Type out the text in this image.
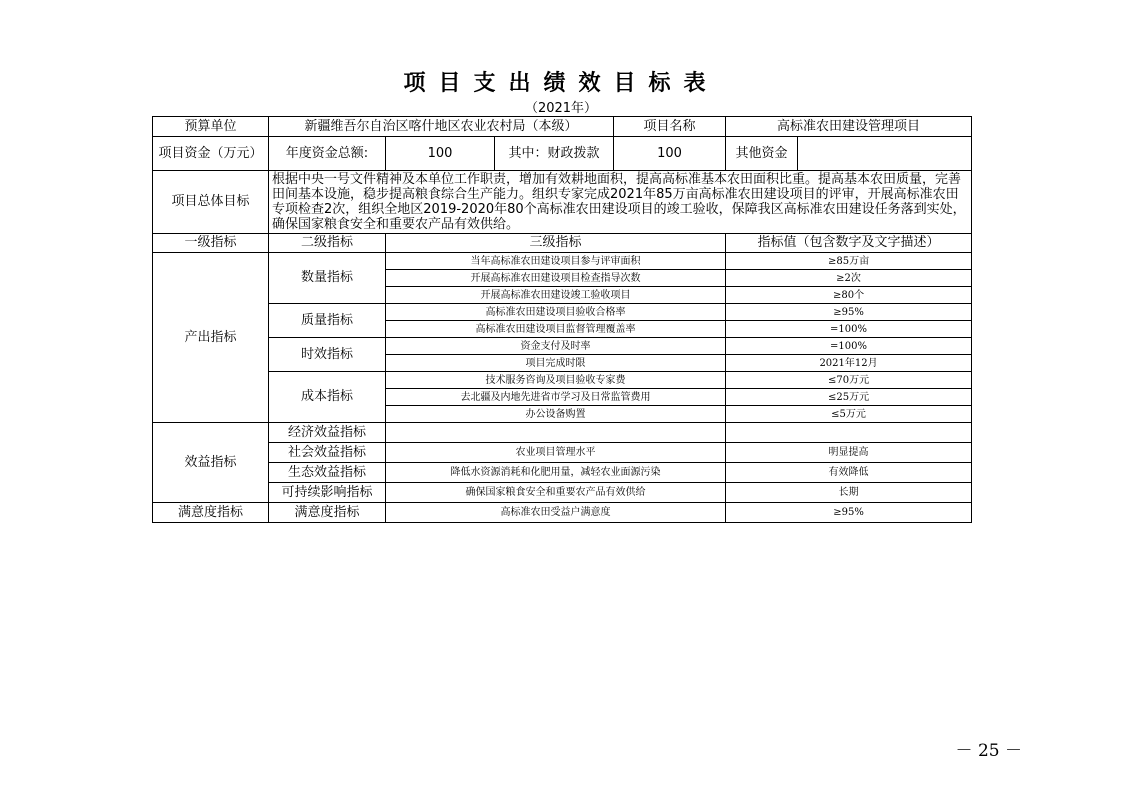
项目支出绩效目标表
（2021年）
预算单位	新疆维吾尔自治区喀什地区农业农村局（本级）			项目名称	高标准农田建设管理项目	
项目资金（万元）	年度资金总额:	100	其中：财政拨款	100	其他资金	
项目总体目标	根据中央一号文件精神及本单位工作职责，增加有效耕地面积，提高高标准基本农田面积比重。提高基本农田质量，完善田间基本设施，稳步提高粮食综合生产能力。组织专家完成2021年85万亩高标准农田建设项目的评审，开展高标准农田专项检查2次，组织全地区2019-2020年80个高标准农田建设项目的竣工验收，保障我区高标准农田建设任务落到实处，确保国家粮食安全和重要农产品有效供给。					
一级指标	二级指标	三级指标			指标值（包含数字及文字描述）	
产出指标	数量指标	当年高标准农田建设项目参与评审面积			≥85万亩	
		开展高标准农田建设项目检查指导次数			≥2次	
		开展高标准农田建设竣工验收项目			≥80个	
	质量指标	高标准农田建设项目验收合格率			≥95%	
		高标准农田建设项目监督管理覆盖率			=100%	
	时效指标	资金支付及时率			=100%	
		项目完成时限			2021年12月	
	成本指标	技术服务咨询及项目验收专家费			≤70万元	
		去北疆及内地先进省市学习及日常监管费用			≤25万元	
		办公设备购置			≤5万元	
效益指标	经济效益指标					
	社会效益指标	农业项目管理水平			明显提高	
	生态效益指标	降低水资源消耗和化肥用量，减轻农业面源污染			有效降低	
	可持续影响指标	确保国家粮食安全和重要农产品有效供给			长期	
满意度指标	满意度指标	高标准农田受益户满意度			≥95%	
－ 25 －
